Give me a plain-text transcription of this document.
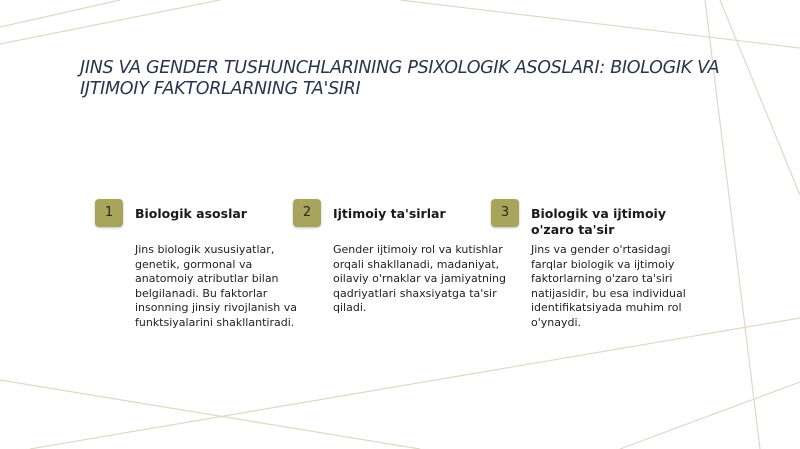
JINS VA GENDER TUSHUNCHLARINING PSIXOLOGIK ASOSLARI: BIOLOGIK VA IJTIMOIY FAKTORLARNING TA'SIRI
1	Biologik asoslar

Jins biologik xususiyatlar, genetik, gormonal va anatomoiy atributlar bilan belgilanadi. Bu faktorlar insonning jinsiy rivojlanish va funktsiyalarini shakllantiradi.

2	Ijtimoiy ta'sirlar

Gender ijtimoiy rol va kutishlar orqali shakllanadi, madaniyat, oilaviy o'rnaklar va jamiyatning qadriyatlari shaxsiyatga ta'sir qiladi.

3	Biologik va ijtimoiy o'zaro ta'sir

Jins va gender o'rtasidagi farqlar biologik va ijtimoiy faktorlarning o'zaro ta'siri natijasidir, bu esa individual identifikatsiyada muhim rol o'ynaydi.
